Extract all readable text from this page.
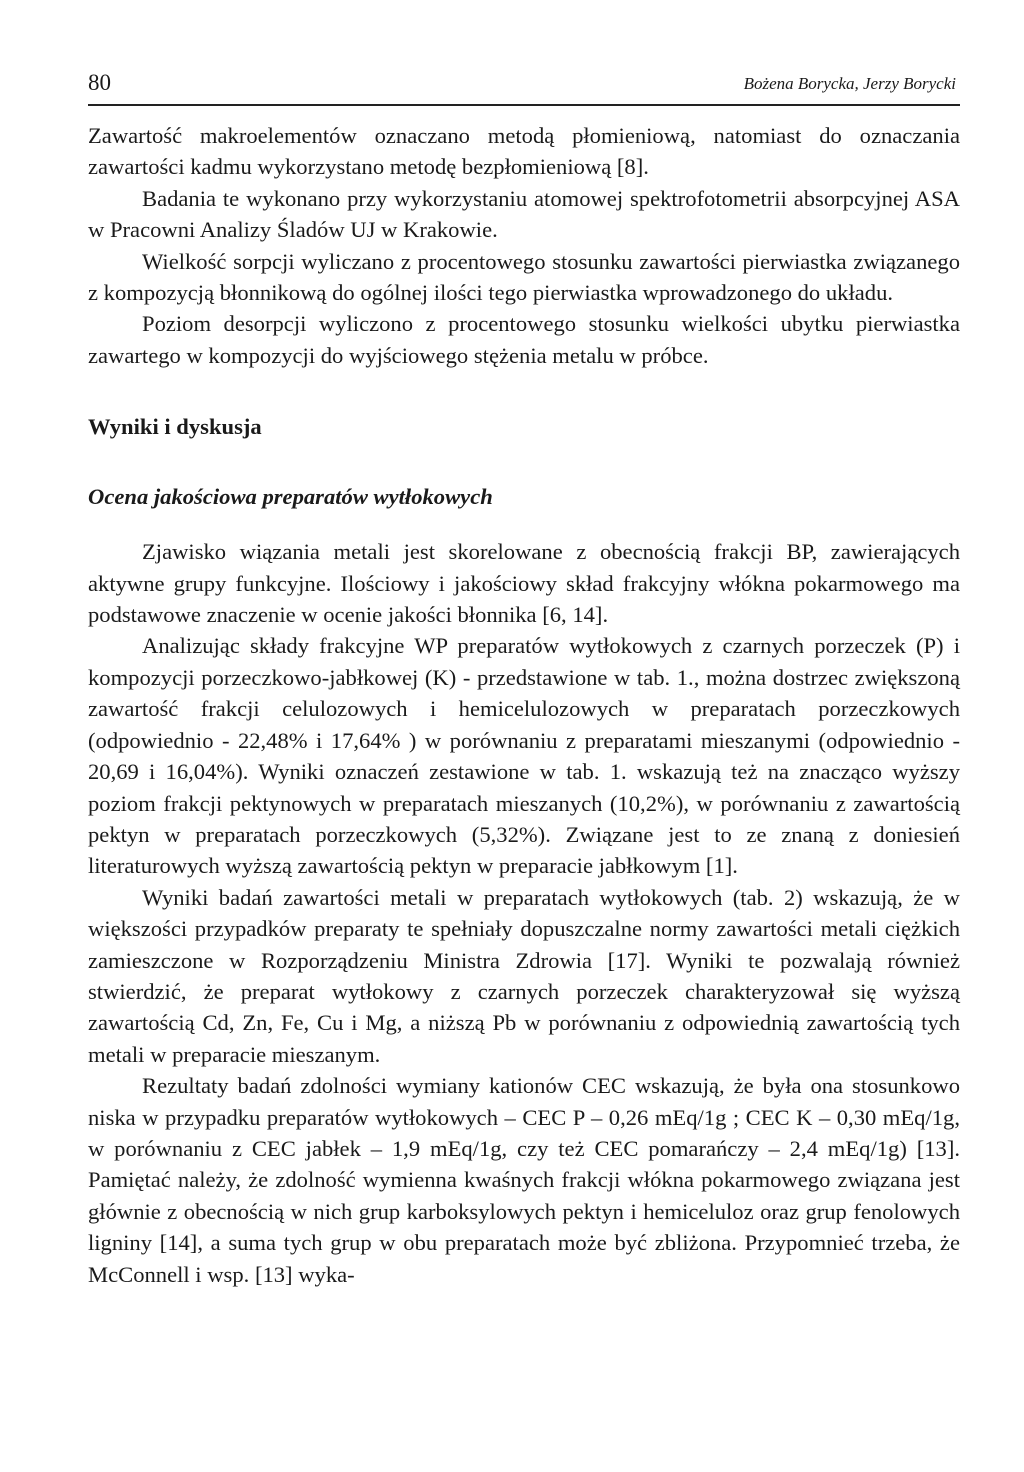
80	Bożena Borycka, Jerzy Borycki

Zawartość makroelementów oznaczano metodą płomieniową, natomiast do oznaczania zawartości kadmu wykorzystano metodę bezpłomieniową [8].

Badania te wykonano przy wykorzystaniu atomowej spektrofotometrii absorpcyjnej ASA w Pracowni Analizy Śladów UJ w Krakowie.

Wielkość sorpcji wyliczano z procentowego stosunku zawartości pierwiastka związanego z kompozycją błonnikową do ogólnej ilości tego pierwiastka wprowadzonego do układu.

Poziom desorpcji wyliczono z procentowego stosunku wielkości ubytku pierwiastka zawartego w kompozycji do wyjściowego stężenia metalu w próbce.

Wyniki i dyskusja
Ocena jakościowa preparatów wytłokowych

Zjawisko wiązania metali jest skorelowane z obecnością frakcji BP, zawierających aktywne grupy funkcyjne. Ilościowy i jakościowy skład frakcyjny włókna pokarmowego ma podstawowe znaczenie w ocenie jakości błonnika [6, 14].

Analizując składy frakcyjne WP preparatów wytłokowych z czarnych porzeczek (P) i kompozycji porzeczkowo-jabłkowej (K) - przedstawione w tab. 1., można dostrzec zwiększoną zawartość frakcji celulozowych i hemicelulozowych w preparatach porzeczkowych (odpowiednio - 22,48% i 17,64% ) w porównaniu z preparatami mieszanymi (odpowiednio - 20,69 i 16,04%). Wyniki oznaczeń zestawione w tab. 1. wskazują też na znacząco wyższy poziom frakcji pektynowych w preparatach mieszanych (10,2%), w porównaniu z zawartością pektyn w preparatach porzeczkowych (5,32%). Związane jest to ze znaną z doniesień literaturowych wyższą zawartością pektyn w preparacie jabłkowym [1].

Wyniki badań zawartości metali w preparatach wytłokowych (tab. 2) wskazują, że w większości przypadków preparaty te spełniały dopuszczalne normy zawartości metali ciężkich zamieszczone w Rozporządzeniu Ministra Zdrowia [17]. Wyniki te pozwalają również stwierdzić, że preparat wytłokowy z czarnych porzeczek charakteryzował się wyższą zawartością Cd, Zn, Fe, Cu i Mg, a niższą Pb w porównaniu z odpowiednią zawartością tych metali w preparacie mieszanym.

Rezultaty badań zdolności wymiany kationów CEC wskazują, że była ona stosunkowo niska w przypadku preparatów wytłokowych – CEC P – 0,26 mEq/1g ; CEC K – 0,30 mEq/1g, w porównaniu z CEC jabłek – 1,9 mEq/1g, czy też CEC pomarańczy – 2,4 mEq/1g) [13]. Pamiętać należy, że zdolność wymienna kwaśnych frakcji włókna pokarmowego związana jest głównie z obecnością w nich grup karboksylowych pektyn i hemiceluloz oraz grup fenolowych ligniny [14], a suma tych grup w obu preparatach może być zbliżona. Przypomnieć trzeba, że McConnell i wsp. [13] wyka-
